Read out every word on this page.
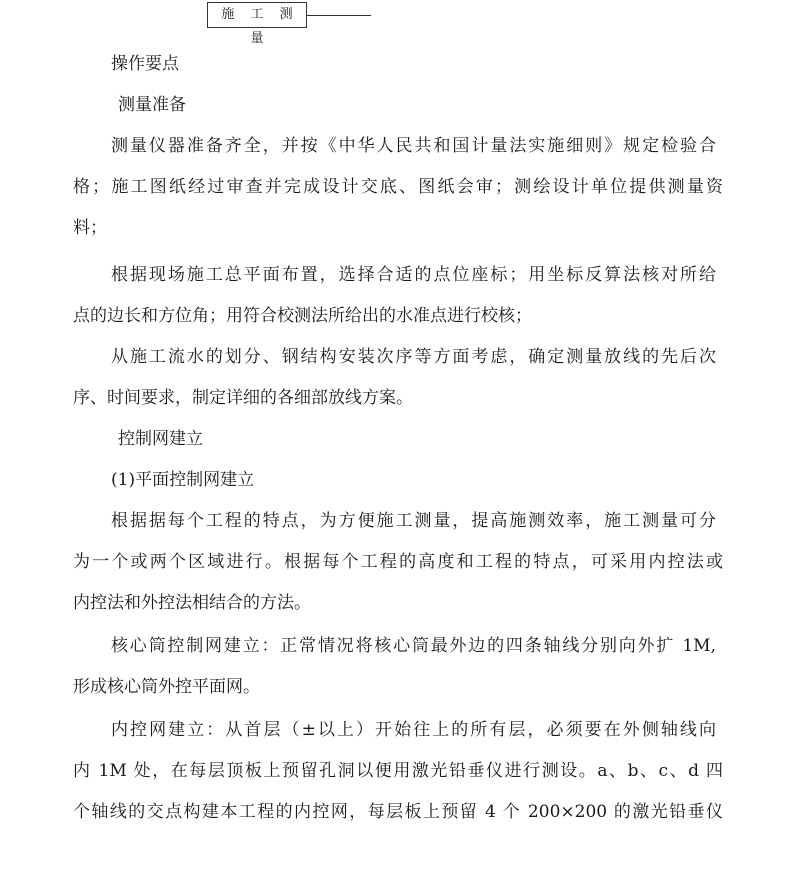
施 工 测 量

操作要点

测量准备

测量仪器准备齐全，并按《中华人民共和国计量法实施细则》规定检验合

格；施工图纸经过审查并完成设计交底、图纸会审；测绘设计单位提供测量资

料；

根据现场施工总平面布置，选择合适的点位座标；用坐标反算法核对所给

点的边长和方位角；用符合校测法所给出的水准点进行校核；

从施工流水的划分、钢结构安装次序等方面考虑，确定测量放线的先后次

序、时间要求，制定详细的各细部放线方案。

控制网建立

(1)平面控制网建立

根据据每个工程的特点，为方便施工测量，提高施测效率，施工测量可分

为一个或两个区域进行。根据每个工程的高度和工程的特点，可采用内控法或

内控法和外控法相结合的方法。

核心筒控制网建立：正常情况将核心筒最外边的四条轴线分别向外扩 1M,

形成核心筒外控平面网。

内控网建立：从首层（±以上）开始往上的所有层，必须要在外侧轴线向

内 1M 处，在每层顶板上预留孔洞以便用激光铅垂仪进行测设。a、b、c、d 四

个轴线的交点构建本工程的内控网，每层板上预留 4 个 200×200 的激光铅垂仪
